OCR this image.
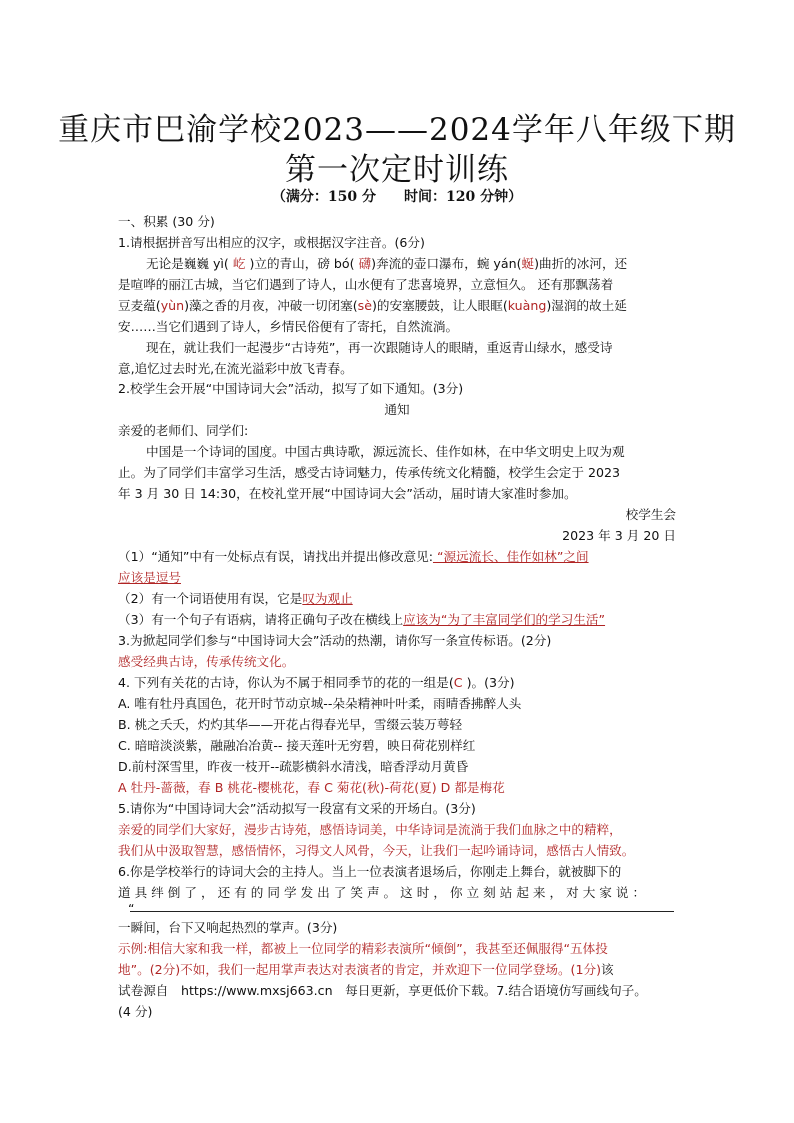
重庆市巴渝学校2023——2024学年八年级下期
第一次定时训练
（满分：150 分　　时间：120 分钟）
一、积累 (30 分)
1.请根据拼音写出相应的汉字，或根据汉字注音。(6分)
无论是巍巍 yì( 屹 )立的青山，磅 bó( 礴)奔流的壶口瀑布，蜿 yán(蜒)曲折的冰河，还
是喧哗的丽江古城，当它们遇到了诗人，山水便有了悲喜境界，立意恒久。 还有那飘荡着
豆麦蕴(yùn)藻之香的月夜，冲破一切闭塞(sè)的安塞腰鼓，让人眼眶(kuàng)湿润的故土延
安……当它们遇到了诗人，乡情民俗便有了寄托，自然流淌。
现在，就让我们一起漫步“古诗苑”，再一次跟随诗人的眼睛，重返青山绿水，感受诗
意,追忆过去时光,在流光溢彩中放飞青春。
2.校学生会开展“中国诗词大会”活动，拟写了如下通知。(3分)
通知
亲爱的老师们、同学们:
中国是一个诗词的国度。中国古典诗歌，源远流长、佳作如林，在中华文明史上叹为观
止。为了同学们丰富学习生活，感受古诗词魅力，传承传统文化精髓，校学生会定于 2023
年 3 月 30 日 14:30，在校礼堂开展“中国诗词大会”活动，届时请大家准时参加。
校学生会
2023 年 3 月 20 日
（1）“通知”中有一处标点有误，请找出并提出修改意见: “源远流长、佳作如林”之间
应该是逗号
（2）有一个词语使用有误，它是叹为观止
（3）有一个句子有语病，请将正确句子改在横线上应该为“为了丰富同学们的学习生活”
3.为掀起同学们参与“中国诗词大会”活动的热潮，请你写一条宣传标语。(2分)
感受经典古诗，传承传统文化。
4. 下列有关花的古诗，你认为不属于相同季节的花的一组是(C )。(3分)
A. 唯有牡丹真国色，花开时节动京城--朵朵精神叶叶柔，雨晴香拂醉人头
B. 桃之夭夭，灼灼其华——开花占得春光早，雪缀云装万萼轻
C. 暗暗淡淡紫，融融冶冶黄-- 接天莲叶无穷碧，映日荷花别样红
D.前村深雪里，昨夜一枝开--疏影横斜水清浅，暗香浮动月黄昏
A 牡丹-蔷薇，春 B 桃花-樱桃花，春 C 菊花(秋)-荷花(夏) D 都是梅花
5.请你为“中国诗词大会”活动拟写一段富有文采的开场白。(3分)
亲爱的同学们大家好，漫步古诗苑，感悟诗词美，中华诗词是流淌于我们血脉之中的精粹，
我们从中汲取智慧，感悟情怀，习得文人风骨，今天，让我们一起吟诵诗词，感悟古人情致。
6.你是学校举行的诗词大会的主持人。当上一位表演者退场后，你刚走上舞台，就被脚下的
道 具 绊 倒 了 ， 还 有 的 同 学 发 出 了 笑 声 。 这 时 ， 你 立 刻 站 起 来 ， 对 大 家 说 ：
“
一瞬间，台下又响起热烈的掌声。(3分)
示例:相信大家和我一样，都被上一位同学的精彩表演所“倾倒”，我甚至还佩服得“五体投
地”。(2分)不如，我们一起用掌声表达对表演者的肯定，并欢迎下一位同学登场。(1分)该
试卷源自　https://www.mxsj663.cn　每日更新，享更低价下载。7.结合语境仿写画线句子。
(4 分)
